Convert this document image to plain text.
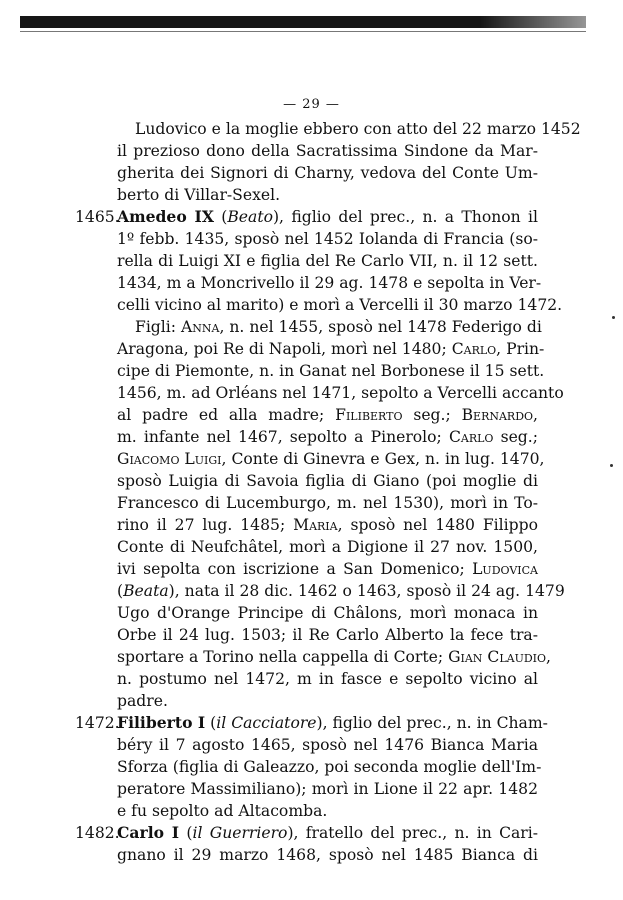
— 29 —
Ludovico e la moglie ebbero con atto del 22 marzo 1452
il prezioso dono della Sacratissima Sindone da Mar-
gherita dei Signori di Charny, vedova del Conte Um-
berto di Villar-Sexel.
1465.
Amedeo IX (Beato), figlio del prec., n. a Thonon il
1º febb. 1435, sposò nel 1452 Iolanda di Francia (so-
rella di Luigi XI e figlia del Re Carlo VII, n. il 12 sett.
1434, m a Moncrivello il 29 ag. 1478 e sepolta in Ver-
celli vicino al marito) e morì a Vercelli il 30 marzo 1472.
Figli: Anna, n. nel 1455, sposò nel 1478 Federigo di
Aragona, poi Re di Napoli, morì nel 1480; Carlo, Prin-
cipe di Piemonte, n. in Ganat nel Borbonese il 15 sett.
1456, m. ad Orléans nel 1471, sepolto a Vercelli accanto
al padre ed alla madre; Filiberto seg.; Bernardo,
m. infante nel 1467, sepolto a Pinerolo; Carlo seg.;
Giacomo Luigi, Conte di Ginevra e Gex, n. in lug. 1470,
sposò Luigia di Savoia figlia di Giano (poi moglie di
Francesco di Lucemburgo, m. nel 1530), morì in To-
rino il 27 lug. 1485; Maria, sposò nel 1480 Filippo
Conte di Neufchâtel, morì a Digione il 27 nov. 1500,
ivi sepolta con iscrizione a San Domenico; Ludovica
(Beata), nata il 28 dic. 1462 o 1463, sposò il 24 ag. 1479
Ugo d'Orange Principe di Châlons, morì monaca in
Orbe il 24 lug. 1503; il Re Carlo Alberto la fece tra-
sportare a Torino nella cappella di Corte; Gian Claudio,
n. postumo nel 1472, m in fasce e sepolto vicino al
padre.
1472.
Filiberto I (il Cacciatore), figlio del prec., n. in Cham-
béry il 7 agosto 1465, sposò nel 1476 Bianca Maria
Sforza (figlia di Galeazzo, poi seconda moglie dell'Im-
peratore Massimiliano); morì in Lione il 22 apr. 1482
e fu sepolto ad Altacomba.
1482.
Carlo I (il Guerriero), fratello del prec., n. in Cari-
gnano il 29 marzo 1468, sposò nel 1485 Bianca di
